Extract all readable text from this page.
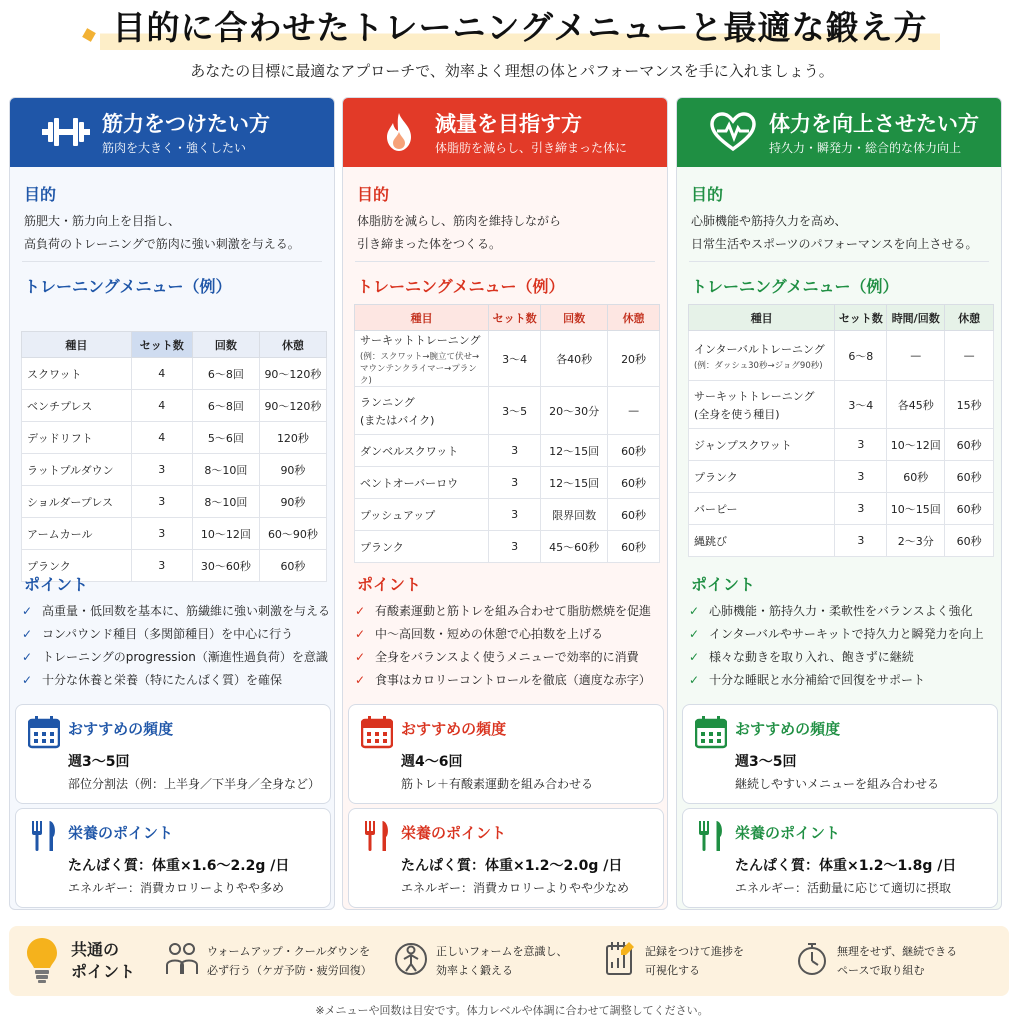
目的に合わせたトレーニングメニューと最適な鍛え方
あなたの目標に最適なアプローチで、効率よく理想の体とパフォーマンスを手に入れましょう。
筋力をつけたい方
筋肉を大きく・強くしたい
目的
筋肥大・筋力向上を目指し、
高負荷のトレーニングで筋肉に強い刺激を与える。
トレーニングメニュー（例）
種目	セット数	回数	休憩
スクワット	4	6〜8回	90〜120秒
ベンチプレス	4	6〜8回	90〜120秒
デッドリフト	4	5〜6回	120秒
ラットプルダウン	3	8〜10回	90秒
ショルダープレス	3	8〜10回	90秒
アームカール	3	10〜12回	60〜90秒
プランク	3	30〜60秒	60秒
ポイント
✓ 高重量・低回数を基本に、筋繊維に強い刺激を与える
✓ コンパウンド種目（多関節種目）を中心に行う
✓ トレーニングのprogression（漸進性過負荷）を意識
✓ 十分な休養と栄養（特にたんぱく質）を確保
おすすめの頻度
週3〜5回
部位分割法（例：上半身／下半身／全身など）
栄養のポイント
たんぱく質：体重×1.6〜2.2g /日
エネルギー：消費カロリーよりやや多め
減量を目指す方
体脂肪を減らし、引き締まった体に
目的
体脂肪を減らし、筋肉を維持しながら
引き締まった体をつくる。
トレーニングメニュー（例）
種目	セット数	回数	休憩
サーキットトレーニング
(例：スクワット→腕立て伏せ→マウンテンクライマー→プランク)	3〜4	各40秒	20秒
ランニング
(またはバイク)	3〜5	20〜30分	—
ダンベルスクワット	3	12〜15回	60秒
ベントオーバーロウ	3	12〜15回	60秒
プッシュアップ	3	限界回数	60秒
プランク	3	45〜60秒	60秒
ポイント
✓ 有酸素運動と筋トレを組み合わせて脂肪燃焼を促進
✓ 中〜高回数・短めの休憩で心拍数を上げる
✓ 全身をバランスよく使うメニューで効率的に消費
✓ 食事はカロリーコントロールを徹底（適度な赤字）
おすすめの頻度
週4〜6回
筋トレ＋有酸素運動を組み合わせる
栄養のポイント
たんぱく質：体重×1.2〜2.0g /日
エネルギー：消費カロリーよりやや少なめ
体力を向上させたい方
持久力・瞬発力・総合的な体力向上
目的
心肺機能や筋持久力を高め、
日常生活やスポーツのパフォーマンスを向上させる。
トレーニングメニュー（例）
種目	セット数	時間/回数	休憩
インターバルトレーニング
(例：ダッシュ30秒→ジョグ90秒)	6〜8	—	—
サーキットトレーニング
(全身を使う種目)	3〜4	各45秒	15秒
ジャンプスクワット	3	10〜12回	60秒
プランク	3	60秒	60秒
バーピー	3	10〜15回	60秒
縄跳び	3	2〜3分	60秒
ポイント
✓ 心肺機能・筋持久力・柔軟性をバランスよく強化
✓ インターバルやサーキットで持久力と瞬発力を向上
✓ 様々な動きを取り入れ、飽きずに継続
✓ 十分な睡眠と水分補給で回復をサポート
おすすめの頻度
週3〜5回
継続しやすいメニューを組み合わせる
栄養のポイント
たんぱく質：体重×1.2〜1.8g /日
エネルギー：活動量に応じて適切に摂取
共通の
ポイント
ウォームアップ・クールダウンを
必ず行う（ケガ予防・疲労回復）
正しいフォームを意識し、
効率よく鍛える
記録をつけて進捗を
可視化する
無理をせず、継続できる
ペースで取り組む
※メニューや回数は目安です。体力レベルや体調に合わせて調整してください。
